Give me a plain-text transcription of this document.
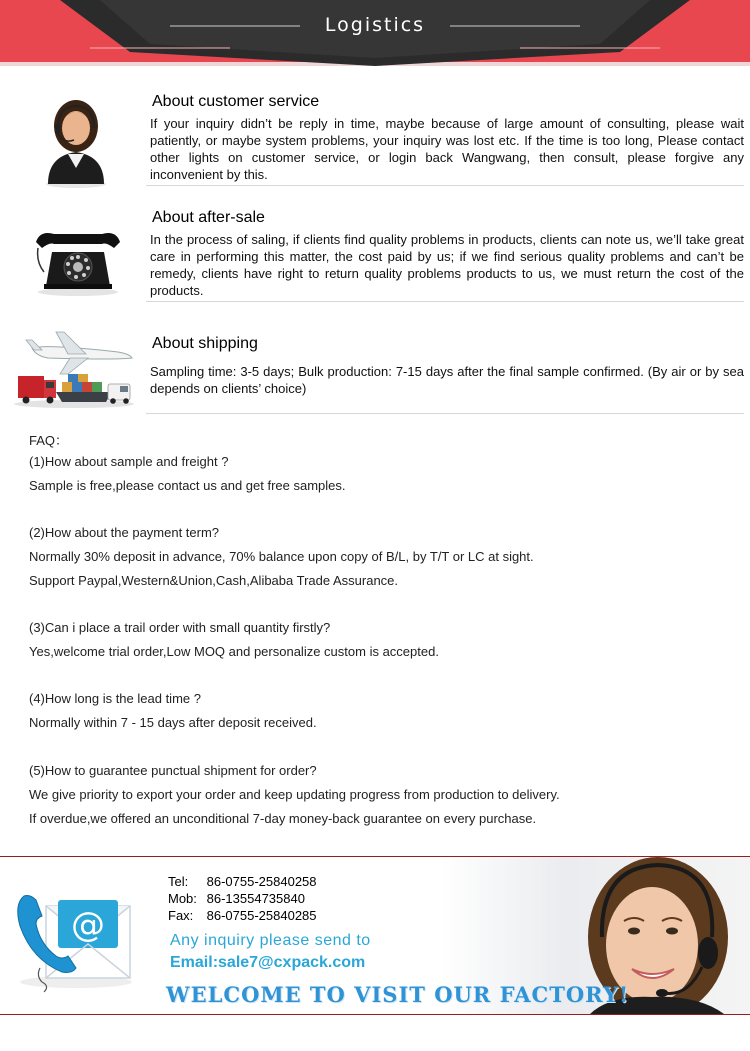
Logistics
About customer service

If your inquiry didn’t be reply in time, maybe because of large amount of consulting, please wait patiently, or maybe system problems, your inquiry was lost etc. If the time is too long, Please contact other lights on customer service, or login back Wangwang, then consult, please forgive any inconvenient by this.

About after-sale

In the process of saling, if clients find quality problems in products, clients can note us, we’ll take great care in performing this matter, the cost paid by us; if we find serious quality problems and can’t be remedy, clients have right to return quality problems products to us, we must return the cost of the products.

About shipping

Sampling time: 3-5 days; Bulk production: 7-15 days after the final sample confirmed. (By air or by sea depends on clients’ choice)

FAQ：
(1)How about sample and freight ?
Sample is free,please contact us and get free samples.
(2)How about the payment term?
Normally 30% deposit in advance, 70% balance upon copy of B/L, by T/T or LC at sight.
Support Paypal,Western&Union,Cash,Alibaba Trade Assurance.
(3)Can i place a trail order with small quantity firstly?
Yes,welcome trial order,Low MOQ and personalize custom is accepted.
(4)How long is the lead time ?
Normally within 7 - 15 days after deposit received.
(5)How to guarantee punctual shipment for order?
We give priority to export your order and keep updating progress from production to delivery.
If overdue,we offered an unconditional 7-day money-back guarantee on every purchase.
@
Tel: 86-0755-25840258
Mob: 86-13554735840
Fax: 86-0755-25840285
Any inquiry please send to
Email:sale7@cxpack.com
WELCOME TO VISIT OUR FACTORY!
